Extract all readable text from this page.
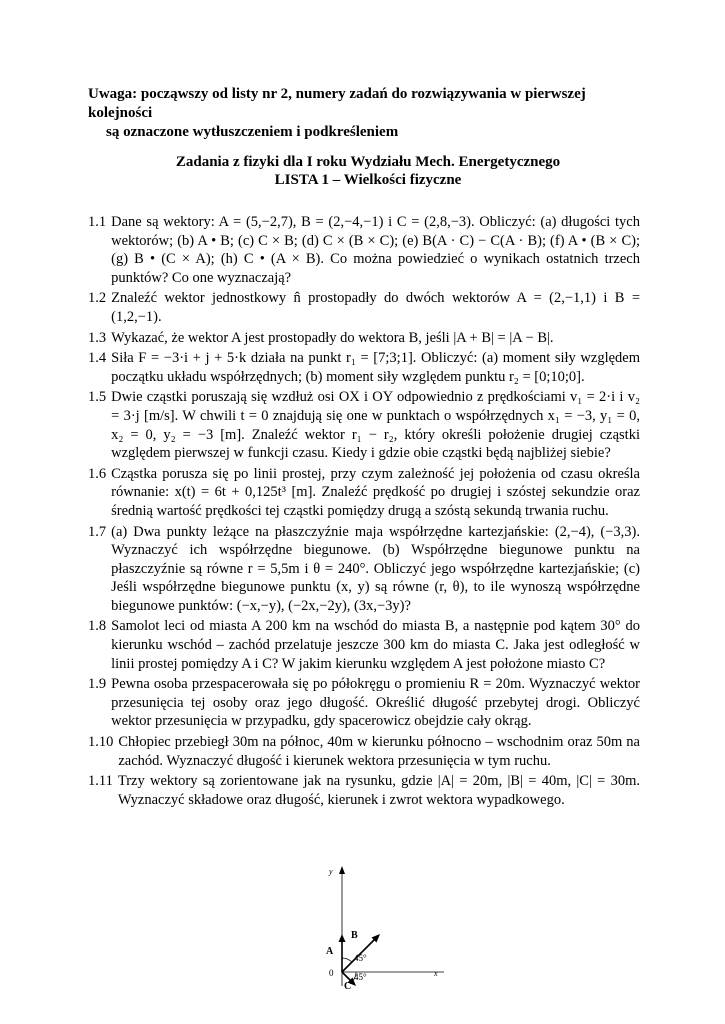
Uwaga: począwszy od listy nr 2, numery zadań do rozwiązywania w pierwszej kolejności
są oznaczone wytłuszczeniem i podkreśleniem
Zadania z fizyki dla I roku Wydziału Mech. Energetycznego
LISTA 1 – Wielkości fizyczne
1.1 Dane są wektory: A = (5,−2,7), B = (2,−4,−1) i C = (2,8,−3). Obliczyć: (a) długości tych wektorów; (b) A • B; (c) C × B; (d) C × (B × C); (e) B(A · C) − C(A · B); (f) A • (B × C); (g) B • (C × A); (h) C • (A × B). Co można powiedzieć o wynikach ostatnich trzech punktów? Co one wyznaczają?
1.2 Znaleźć wektor jednostkowy n̂ prostopadły do dwóch wektorów A = (2,−1,1) i B = (1,2,−1).
1.3 Wykazać, że wektor A jest prostopadły do wektora B, jeśli |A + B| = |A − B|.
1.4 Siła F = −3·i + j + 5·k działa na punkt r₁ = [7;3;1]. Obliczyć: (a) moment siły względem początku układu współrzędnych; (b) moment siły względem punktu r₂ = [0;10;0].
1.5 Dwie cząstki poruszają się wzdłuż osi OX i OY odpowiednio z prędkościami v₁ = 2·i i v₂ = 3·j [m/s]. W chwili t = 0 znajdują się one w punktach o współrzędnych x₁ = −3, y₁ = 0, x₂ = 0, y₂ = −3 [m]. Znaleźć wektor r₁ − r₂, który określi położenie drugiej cząstki względem pierwszej w funkcji czasu. Kiedy i gdzie obie cząstki będą najbliżej siebie?
1.6 Cząstka porusza się po linii prostej, przy czym zależność jej położenia od czasu określa równanie: x(t) = 6t + 0,125t³ [m]. Znaleźć prędkość po drugiej i szóstej sekundzie oraz średnią wartość prędkości tej cząstki pomiędzy drugą a szóstą sekundą trwania ruchu.
1.7 (a) Dwa punkty leżące na płaszczyźnie maja współrzędne kartezjańskie: (2,−4), (−3,3). Wyznaczyć ich współrzędne biegunowe. (b) Współrzędne biegunowe punktu na płaszczyźnie są równe r = 5,5m i θ = 240°. Obliczyć jego współrzędne kartezjańskie; (c) Jeśli współrzędne biegunowe punktu (x, y) są równe (r, θ), to ile wynoszą współrzędne biegunowe punktów: (−x,−y), (−2x,−2y), (3x,−3y)?
1.8 Samolot leci od miasta A 200 km na wschód do miasta B, a następnie pod kątem 30° do kierunku wschód – zachód przelatuje jeszcze 300 km do miasta C. Jaka jest odległość w linii prostej pomiędzy A i C? W jakim kierunku względem A jest położone miasto C?
1.9 Pewna osoba przespacerowała się po półokręgu o promieniu R = 20m. Wyznaczyć wektor przesunięcia tej osoby oraz jego długość. Określić długość przebytej drogi. Obliczyć wektor przesunięcia w przypadku, gdy spacerowicz obejdzie cały okrąg.
1.10 Chłopiec przebiegł 30m na północ, 40m w kierunku północno – wschodnim oraz 50m na zachód. Wyznaczyć długość i kierunek wektora przesunięcia w tym ruchu.
1.11 Trzy wektory są zorientowane jak na rysunku, gdzie |A| = 20m, |B| = 40m, |C| = 30m. Wyznaczyć składowe oraz długość, kierunek i zwrot wektora wypadkowego.
y
x
0
A
B
C
45°
45°
